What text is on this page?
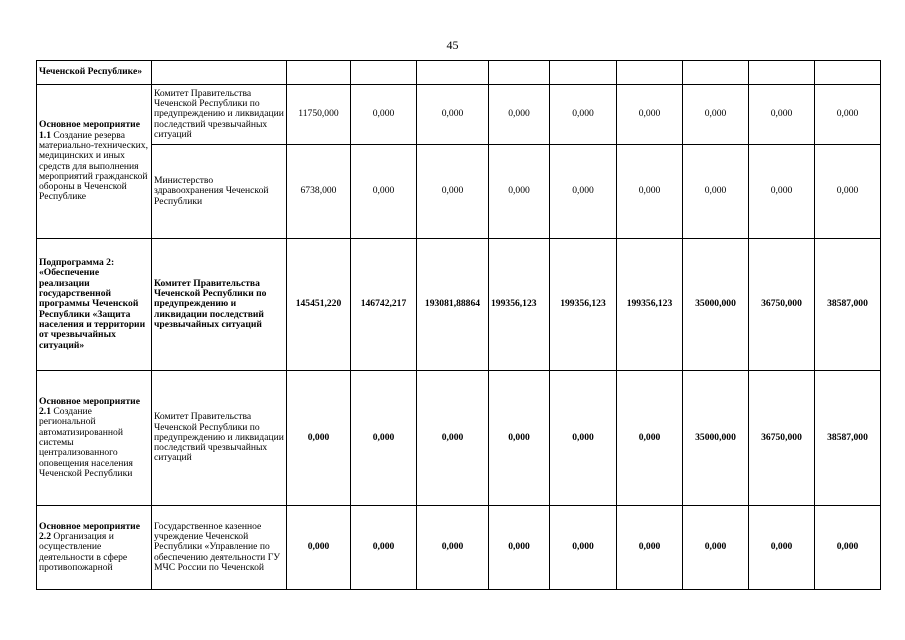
45
Чеченской Республике»										
Основное мероприятие 1.1 Создание резерва материально-технических, медицинских и иных средств для выполнения мероприятий гражданской обороны в Чеченской Республике	Комитет Правительства Чеченской Республики по предупреждению и ликвидации последствий чрезвычайных ситуаций	11750,000	0,000	0,000	0,000	0,000	0,000	0,000	0,000	0,000
	Министерство здравоохранения Чеченской Республики	6738,000	0,000	0,000	0,000	0,000	0,000	0,000	0,000	0,000
Подпрограмма 2: «Обеспечение реализации государственной программы Чеченской Республики «Защита населения и территории от чрезвычайных ситуаций»	Комитет Правительства Чеченской Республики по предупреждению и ликвидации последствий чрезвычайных ситуаций	145451,220	146742,217	193081,88864	199356,123	199356,123	199356,123	35000,000	36750,000	38587,000
Основное мероприятие 2.1 Создание региональной автоматизированной системы централизованного оповещения населения Чеченской Республики	Комитет Правительства Чеченской Республики по предупреждению и ликвидации последствий чрезвычайных ситуаций	0,000	0,000	0,000	0,000	0,000	0,000	35000,000	36750,000	38587,000
Основное мероприятие 2.2 Организация и осуществление деятельности в сфере противопожарной	Государственное казенное учреждение Чеченской Республики «Управление по обеспечению деятельности ГУ МЧС России по Чеченской	0,000	0,000	0,000	0,000	0,000	0,000	0,000	0,000	0,000
